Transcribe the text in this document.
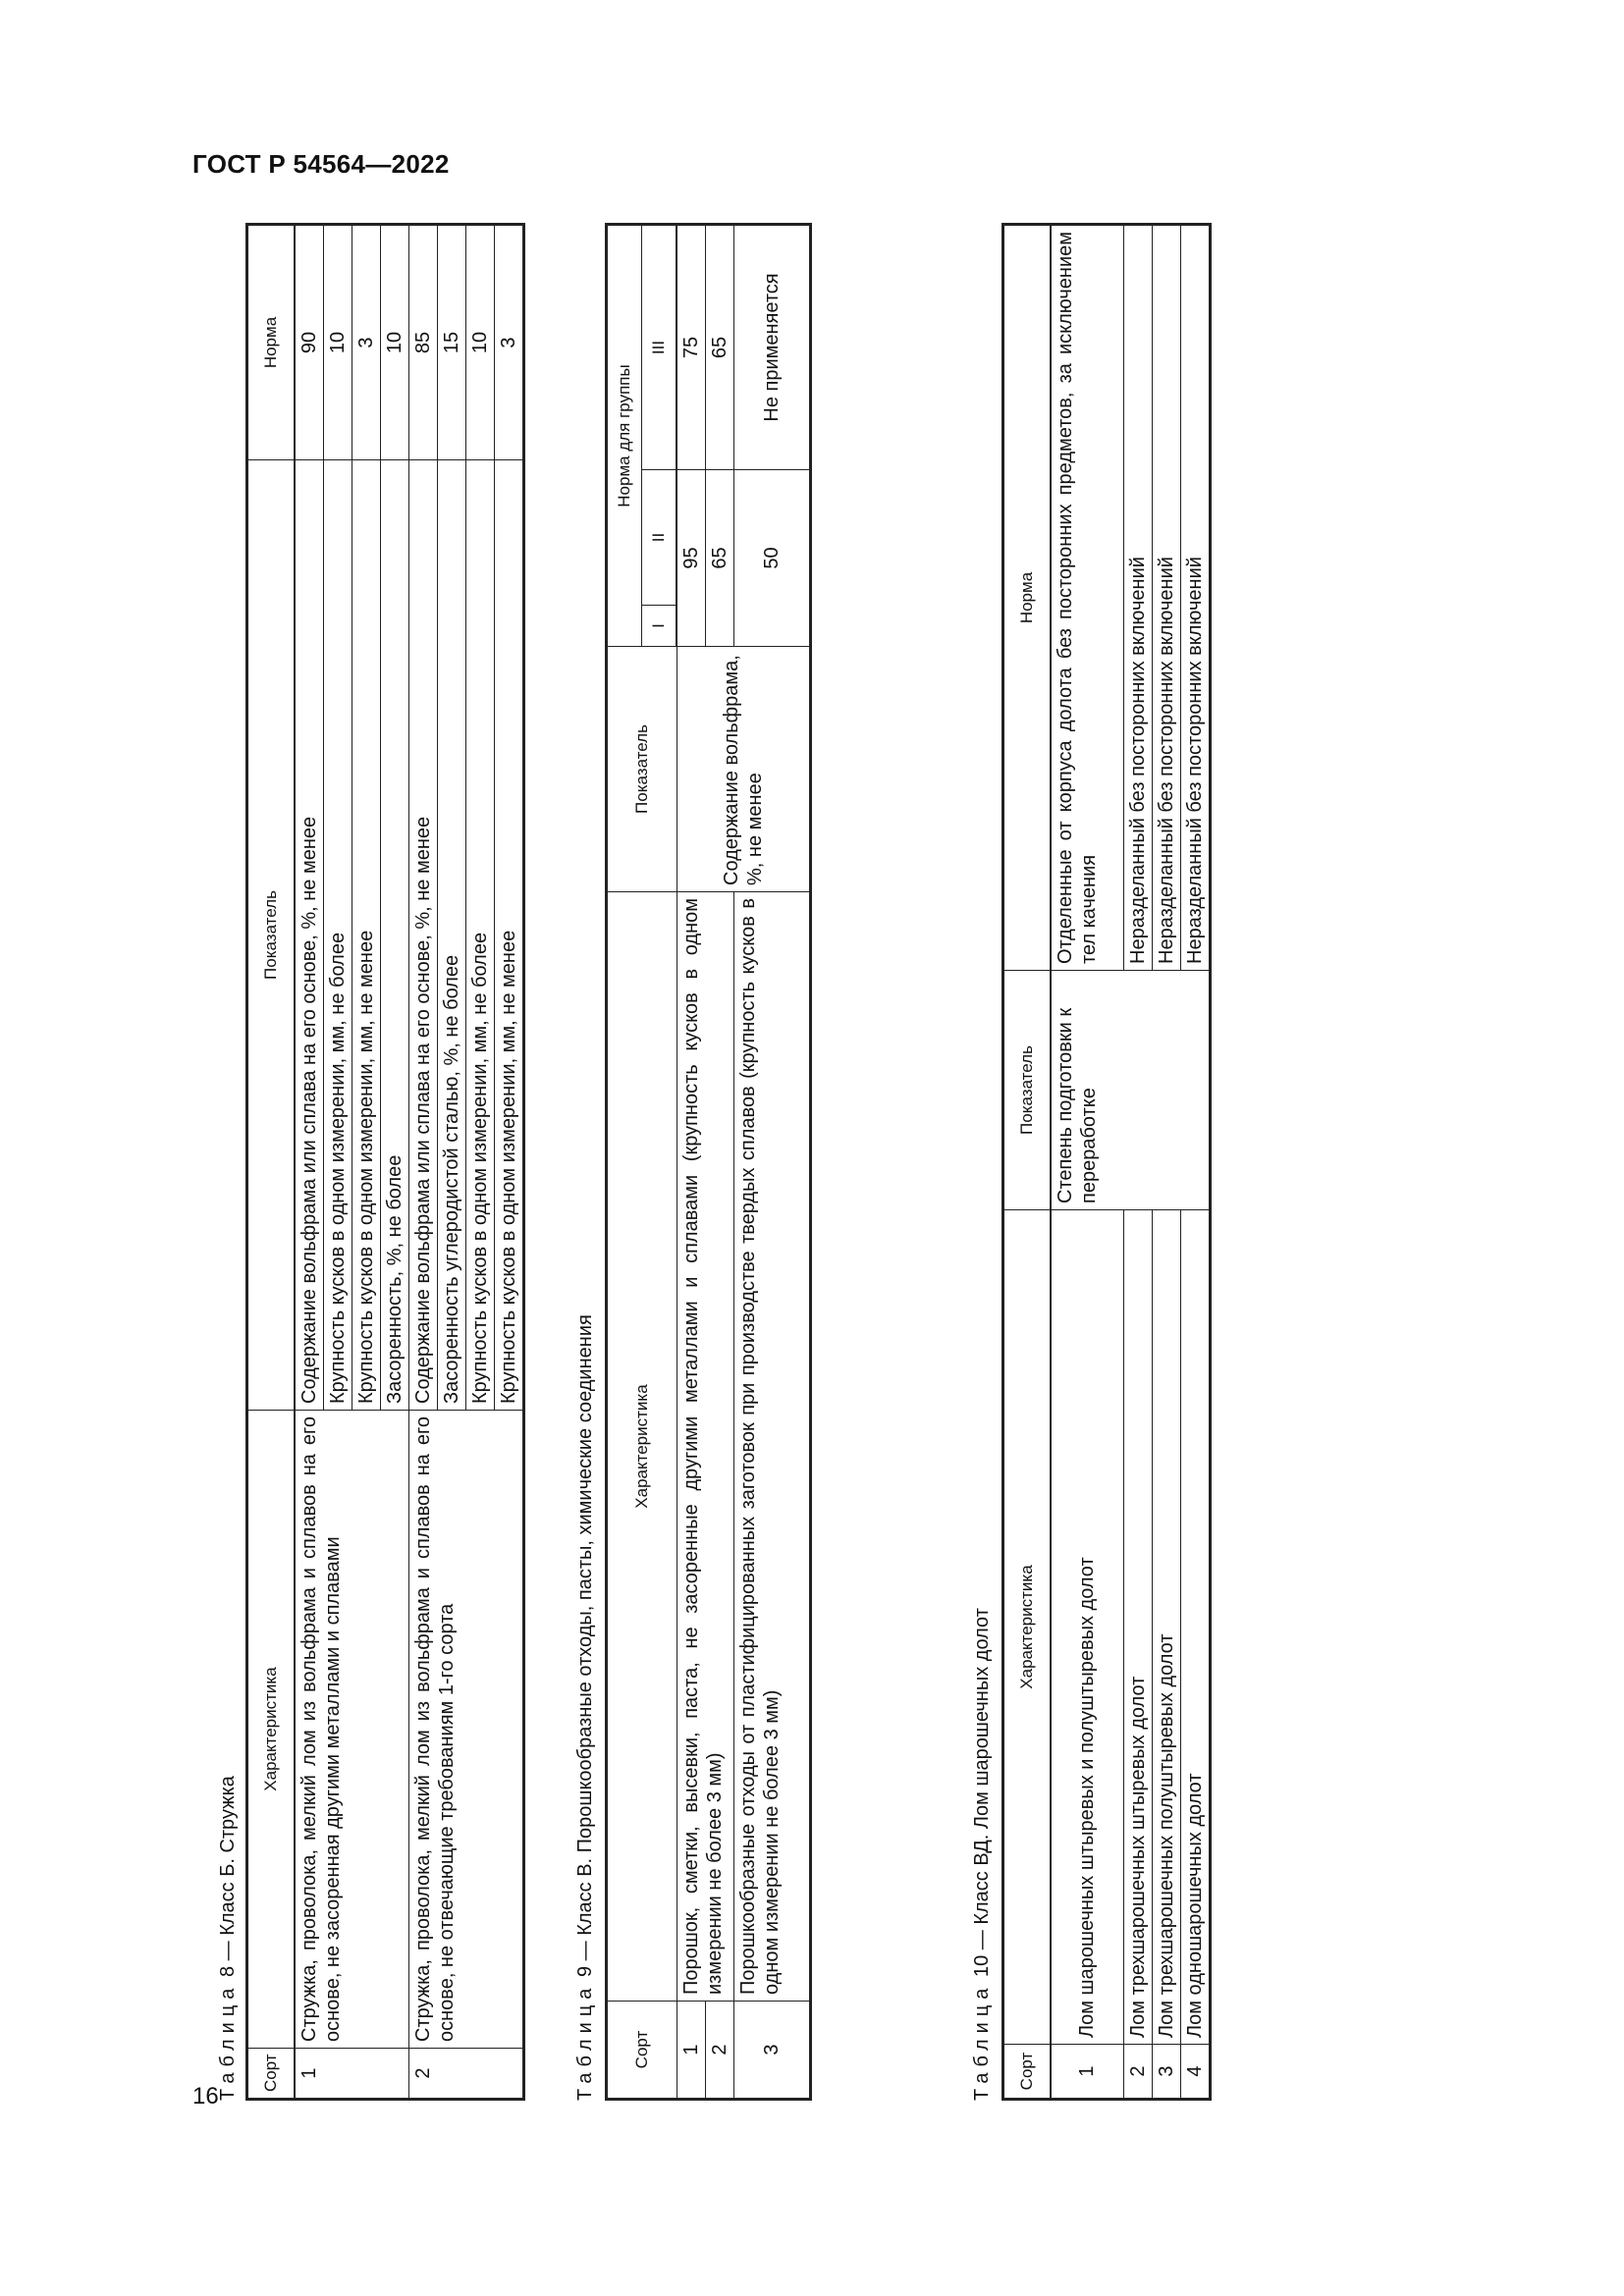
ГОСТ Р 54564—2022
16
Таблица 8 — Класс Б. Стружка
Сорт	Характеристика	Показатель	Норма
1	Стружка, проволока, мелкий лом из вольфрама и сплавов на его основе, не засоренная другими металлами и сплавами	Содержание вольфрама или сплава на его основе, %, не менее	90
		Крупность кусков в одном измерении, мм, не более	10
		Крупность кусков в одном измерении, мм, не менее	3
		Засоренность, %, не более	10
2	Стружка, проволока, мелкий лом из вольфрама и сплавов на его основе, не отвечающие требованиям 1-го сорта	Содержание вольфрама или сплава на его основе, %, не менее	85
		Засоренность углеродистой сталью, %, не более	15
		Крупность кусков в одном измерении, мм, не более	10
		Крупность кусков в одном измерении, мм, не менее	3
Таблица 9 — Класс В. Порошкообразные отходы, пасты, химические соединения
Сорт	Характеристика	Показатель	Норма для группы		
			I	II	III
1	Порошок, сметки, высевки, паста, не засоренные другими металлами и сплавами (крупность кусков в одном измерении не более 3 мм)	Содержание вольфрама, %, не менее	95		75
2			65		65
3	Порошкообразные отходы от пластифицированных заготовок при производстве твердых сплавов (крупность кусков в одном измерении не более 3 мм)		50		Не применяется
Таблица 10 — Класс ВД. Лом шарошечных долот
Сорт	Характеристика	Показатель	Норма
1	Лом шарошечных штыревых и полуштыревых долот	Степень подготовки к переработке	Отделенные от корпуса долота без посторонних предметов, за исключением тел качения
2	Лом трехшарошечных штыревых долот		Неразделанный без посторонних включений
3	Лом трехшарошечных полуштыревых долот		Неразделанный без посторонних включений
4	Лом одношарошечных долот		Неразделанный без посторонних включений
